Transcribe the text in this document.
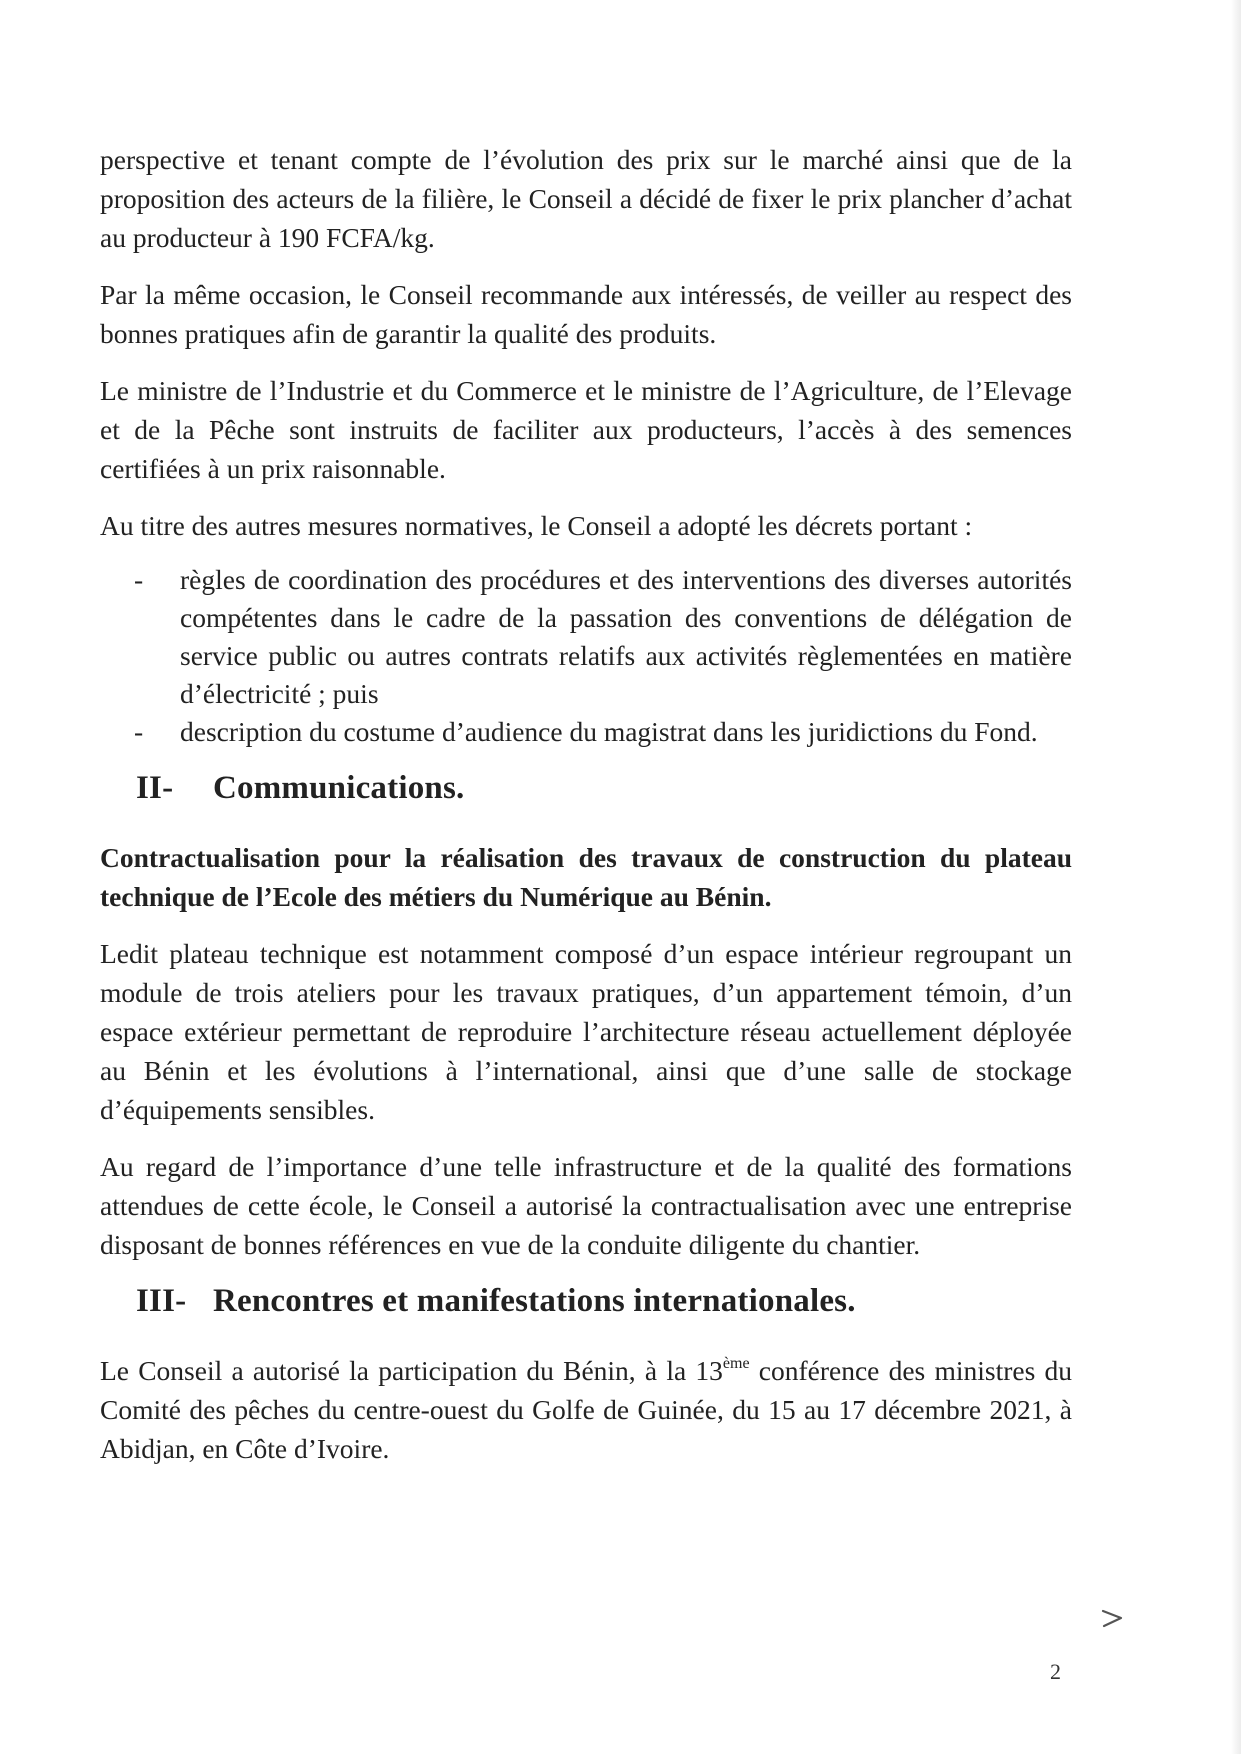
perspective et tenant compte de l’évolution des prix sur le marché ainsi que de la proposition des acteurs de la filière, le Conseil a décidé de fixer le prix plancher d’achat au producteur à 190 FCFA/kg.

Par la même occasion, le Conseil recommande aux intéressés, de veiller au respect des bonnes pratiques afin de garantir la qualité des produits.

Le ministre de l’Industrie et du Commerce et le ministre de l’Agriculture, de l’Elevage et de la Pêche sont instruits de faciliter aux producteurs, l’accès à des semences certifiées à un prix raisonnable.

Au titre des autres mesures normatives, le Conseil a adopté les décrets portant :

- règles de coordination des procédures et des interventions des diverses autorités compétentes dans le cadre de la passation des conventions de délégation de service public ou autres contrats relatifs aux activités règlementées en matière d’électricité ; puis
- description du costume d’audience du magistrat dans les juridictions du Fond.
II- Communications.
Contractualisation pour la réalisation des travaux de construction du plateau technique de l’Ecole des métiers du Numérique au Bénin.

Ledit plateau technique est notamment composé d’un espace intérieur regroupant un module de trois ateliers pour les travaux pratiques, d’un appartement témoin, d’un espace extérieur permettant de reproduire l’architecture réseau actuellement déployée au Bénin et les évolutions à l’international, ainsi que d’une salle de stockage d’équipements sensibles.

Au regard de l’importance d’une telle infrastructure et de la qualité des formations attendues de cette école, le Conseil a autorisé la contractualisation avec une entreprise disposant de bonnes références en vue de la conduite diligente du chantier.

III- Rencontres et manifestations internationales.

Le Conseil a autorisé la participation du Bénin, à la 13ème conférence des ministres du Comité des pêches du centre-ouest du Golfe de Guinée, du 15 au 17 décembre 2021, à Abidjan, en Côte d’Ivoire.

2
